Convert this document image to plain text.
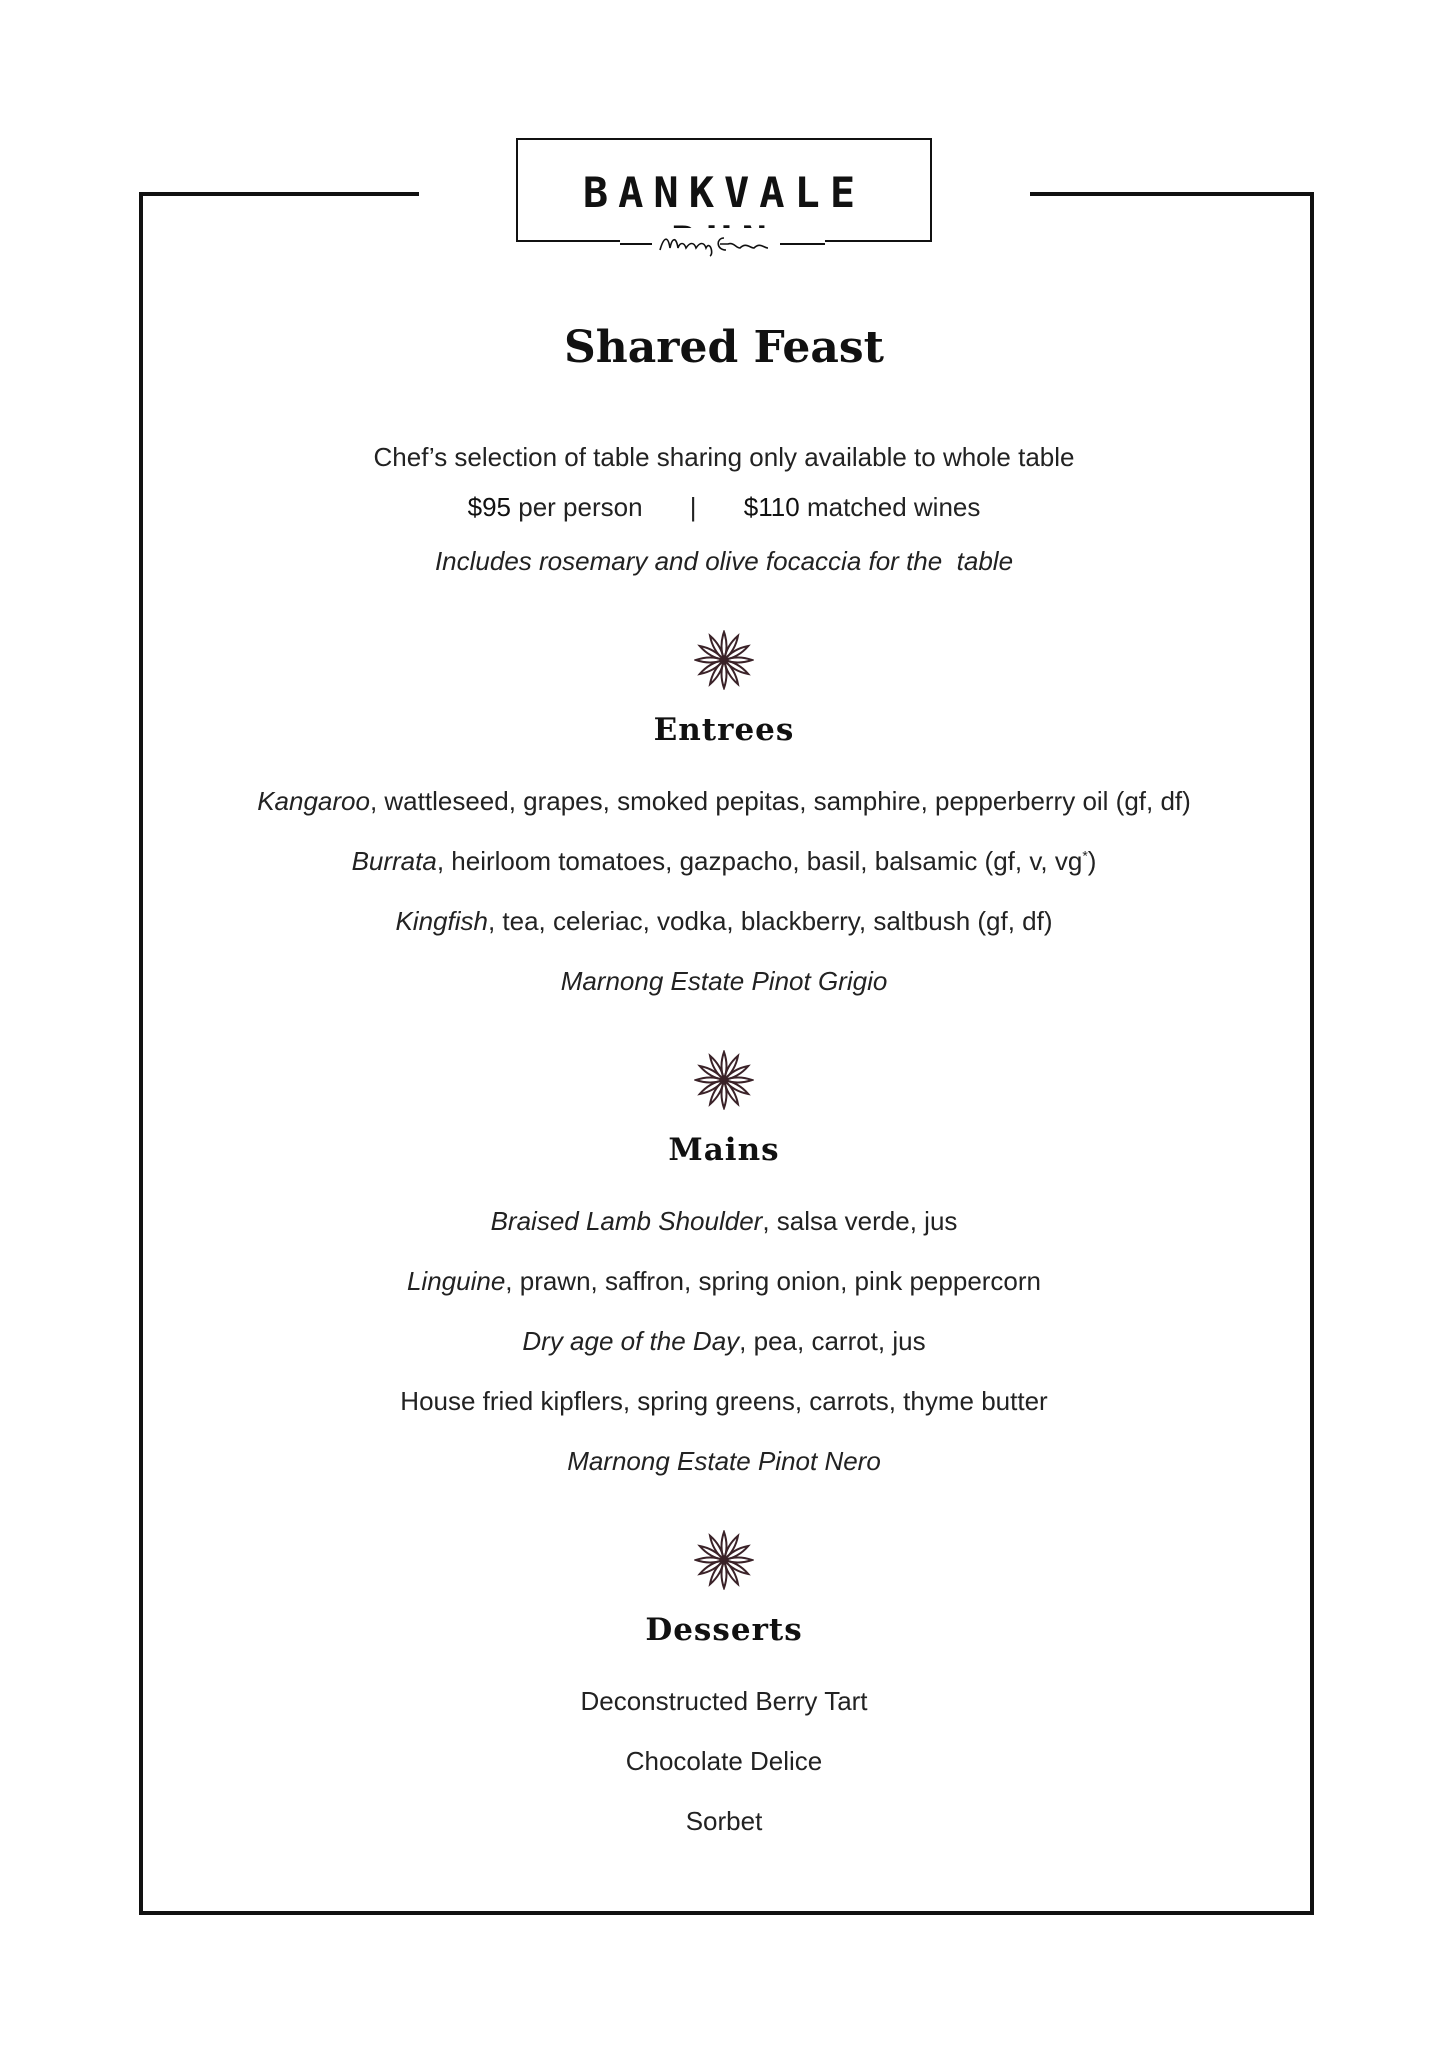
BANKVALE RUN
Shared Feast
Chef’s selection of table sharing only available to whole table
$95 per person | $110 matched wines
Includes rosemary and olive focaccia for the  table
Entrees
Kangaroo, wattleseed, grapes, smoked pepitas, samphire, pepperberry oil (gf, df)
Burrata, heirloom tomatoes, gazpacho, basil, balsamic (gf, v, vg*)
Kingfish, tea, celeriac, vodka, blackberry, saltbush (gf, df)
Marnong Estate Pinot Grigio
Mains
Braised Lamb Shoulder, salsa verde, jus
Linguine, prawn, saffron, spring onion, pink peppercorn
Dry age of the Day, pea, carrot, jus
House fried kipflers, spring greens, carrots, thyme butter
Marnong Estate Pinot Nero
Desserts
Deconstructed Berry Tart
Chocolate Delice
Sorbet
